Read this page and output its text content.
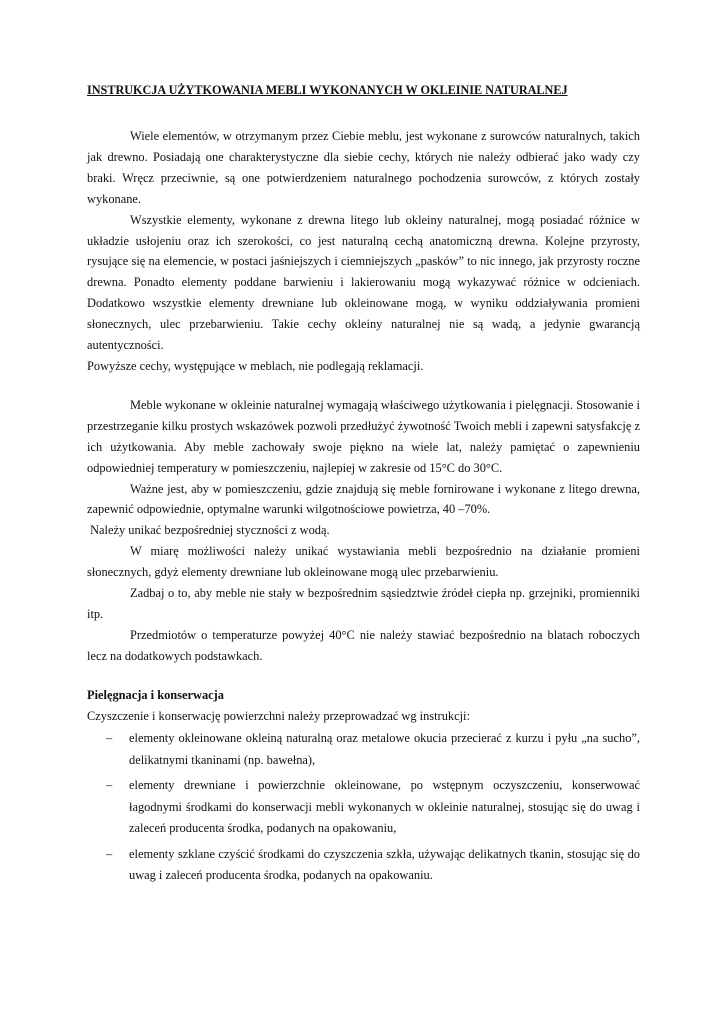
INSTRUKCJA UŻYTKOWANIA MEBLI WYKONANYCH W OKLEINIE NATURALNEJ

Wiele elementów, w otrzymanym przez Ciebie meblu, jest wykonane z surowców naturalnych, takich jak drewno. Posiadają one charakterystyczne dla siebie cechy, których nie należy odbierać jako wady czy braki. Wręcz przeciwnie, są one potwierdzeniem naturalnego pochodzenia surowców, z których zostały wykonane.

Wszystkie elementy, wykonane z drewna litego lub okleiny naturalnej, mogą posiadać różnice w układzie usłojeniu oraz ich szerokości, co jest naturalną cechą anatomiczną drewna. Kolejne przyrosty, rysujące się na elemencie, w postaci jaśniejszych i ciemniejszych „pasków” to nic innego, jak przyrosty roczne drewna. Ponadto elementy poddane barwieniu i lakierowaniu mogą wykazywać różnice w odcieniach. Dodatkowo wszystkie elementy drewniane lub okleinowane mogą, w wyniku oddziaływania promieni słonecznych, ulec przebarwieniu. Takie cechy okleiny naturalnej nie są wadą, a jedynie gwarancją autentyczności.

Powyższe cechy, występujące w meblach, nie podlegają reklamacji.

Meble wykonane w okleinie naturalnej wymagają właściwego użytkowania i pielęgnacji. Stosowanie i przestrzeganie kilku prostych wskazówek pozwoli przedłużyć żywotność Twoich mebli i zapewni satysfakcję z ich użytkowania. Aby meble zachowały swoje piękno na wiele lat, należy pamiętać o zapewnieniu odpowiedniej temperatury w pomieszczeniu, najlepiej w zakresie od 15°C do 30°C.

Ważne jest, aby w pomieszczeniu, gdzie znajdują się meble fornirowane i wykonane z litego drewna, zapewnić odpowiednie, optymalne warunki wilgotnościowe powietrza, 40 –70%.

Należy unikać bezpośredniej styczności z wodą.

W miarę możliwości należy unikać wystawiania mebli bezpośrednio na działanie promieni słonecznych, gdyż elementy drewniane lub okleinowane mogą ulec przebarwieniu.

Zadbaj o to, aby meble nie stały w bezpośrednim sąsiedztwie źródeł ciepła np. grzejniki, promienniki itp.

Przedmiotów o temperaturze powyżej 40°C nie należy stawiać bezpośrednio na blatach roboczych lecz na dodatkowych podstawkach.

Pielęgnacja i konserwacja

Czyszczenie i konserwację powierzchni należy przeprowadzać wg instrukcji:

– elementy okleinowane okleiną naturalną oraz metalowe okucia przecierać z kurzu i pyłu „na sucho”, delikatnymi tkaninami (np. bawełna),
– elementy drewniane i powierzchnie okleinowane, po wstępnym oczyszczeniu, konserwować łagodnymi środkami do konserwacji mebli wykonanych w okleinie naturalnej, stosując się do uwag i zaleceń producenta środka, podanych na opakowaniu,
– elementy szklane czyścić środkami do czyszczenia szkła, używając delikatnych tkanin, stosując się do uwag i zaleceń producenta środka, podanych na opakowaniu.
